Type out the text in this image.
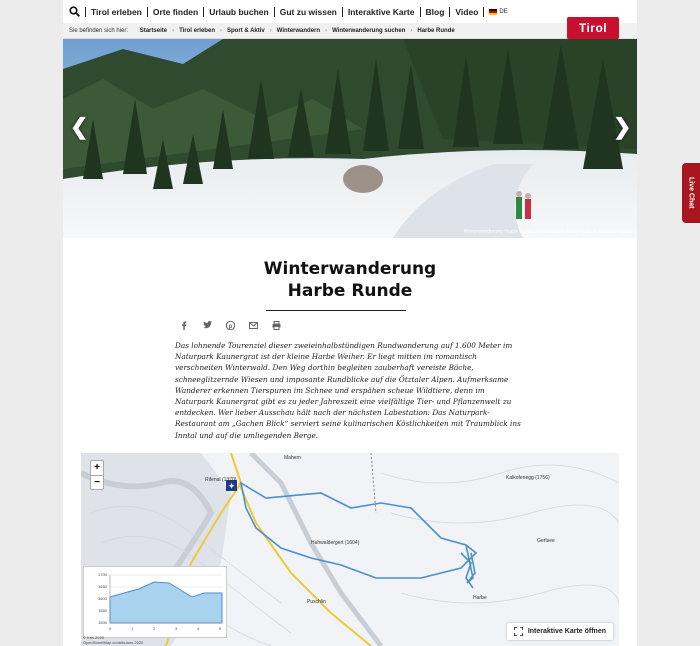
Tirol erleben	Orte finden	Urlaub buchen	Gut zu wissen	Interaktive Karte	Blog	Video	DE
Sie befinden sich hier:
Startseite › Tirol erleben › Sport & Aktiv › Winterwandern › Winterwanderung suchen › Harbe Runde
❮	❯
Winterwanderung Harbe Runde im Naturpark Kaunergrat. © Robert Pupeter
Tirol
Winterwanderung
Harbe Runde
p

Das lohnende Tourenziel dieser zweieinhalbstündigen Rundwanderung auf 1.600 Meter im Naturpark Kaunergrat ist der kleine Harbe Weiher. Er liegt mitten im romantisch verschneiten Winterwald. Den Weg dorthin begleiten zauberhaft vereiste Bäche, schneeglitzernde Wiesen und imposante Rundblicke auf die Ötztaler Alpen. Aufmerksame Wanderer erkennen Tierspuren im Schnee und erspähen scheue Wildtiere, denn im Naturpark Kaunergrat gibt es zu jeder Jahreszeit eine vielfältige Tier- und Pflanzenwelt zu entdecken. Wer lieber Ausschau hält nach der nächsten Labestation: Das Naturpark-Restaurant am „Gachen Blick“ serviert seine kulinarischen Köstlichkeiten mit Traumblick ins Inntal und auf die umliegenden Berge.

✦
Rifenal (1370)
Mahern
Kalkofenegg (1756)
Huhwaldergert (1604)	Gertsee
Harbe
Puschlin
+
−
1700
1650
1600
1550
1500
0	1	2	3	4	5
© Kris 2020
OpenStreetMap contributors 2020
Interaktive Karte öffnen
Live Chat
